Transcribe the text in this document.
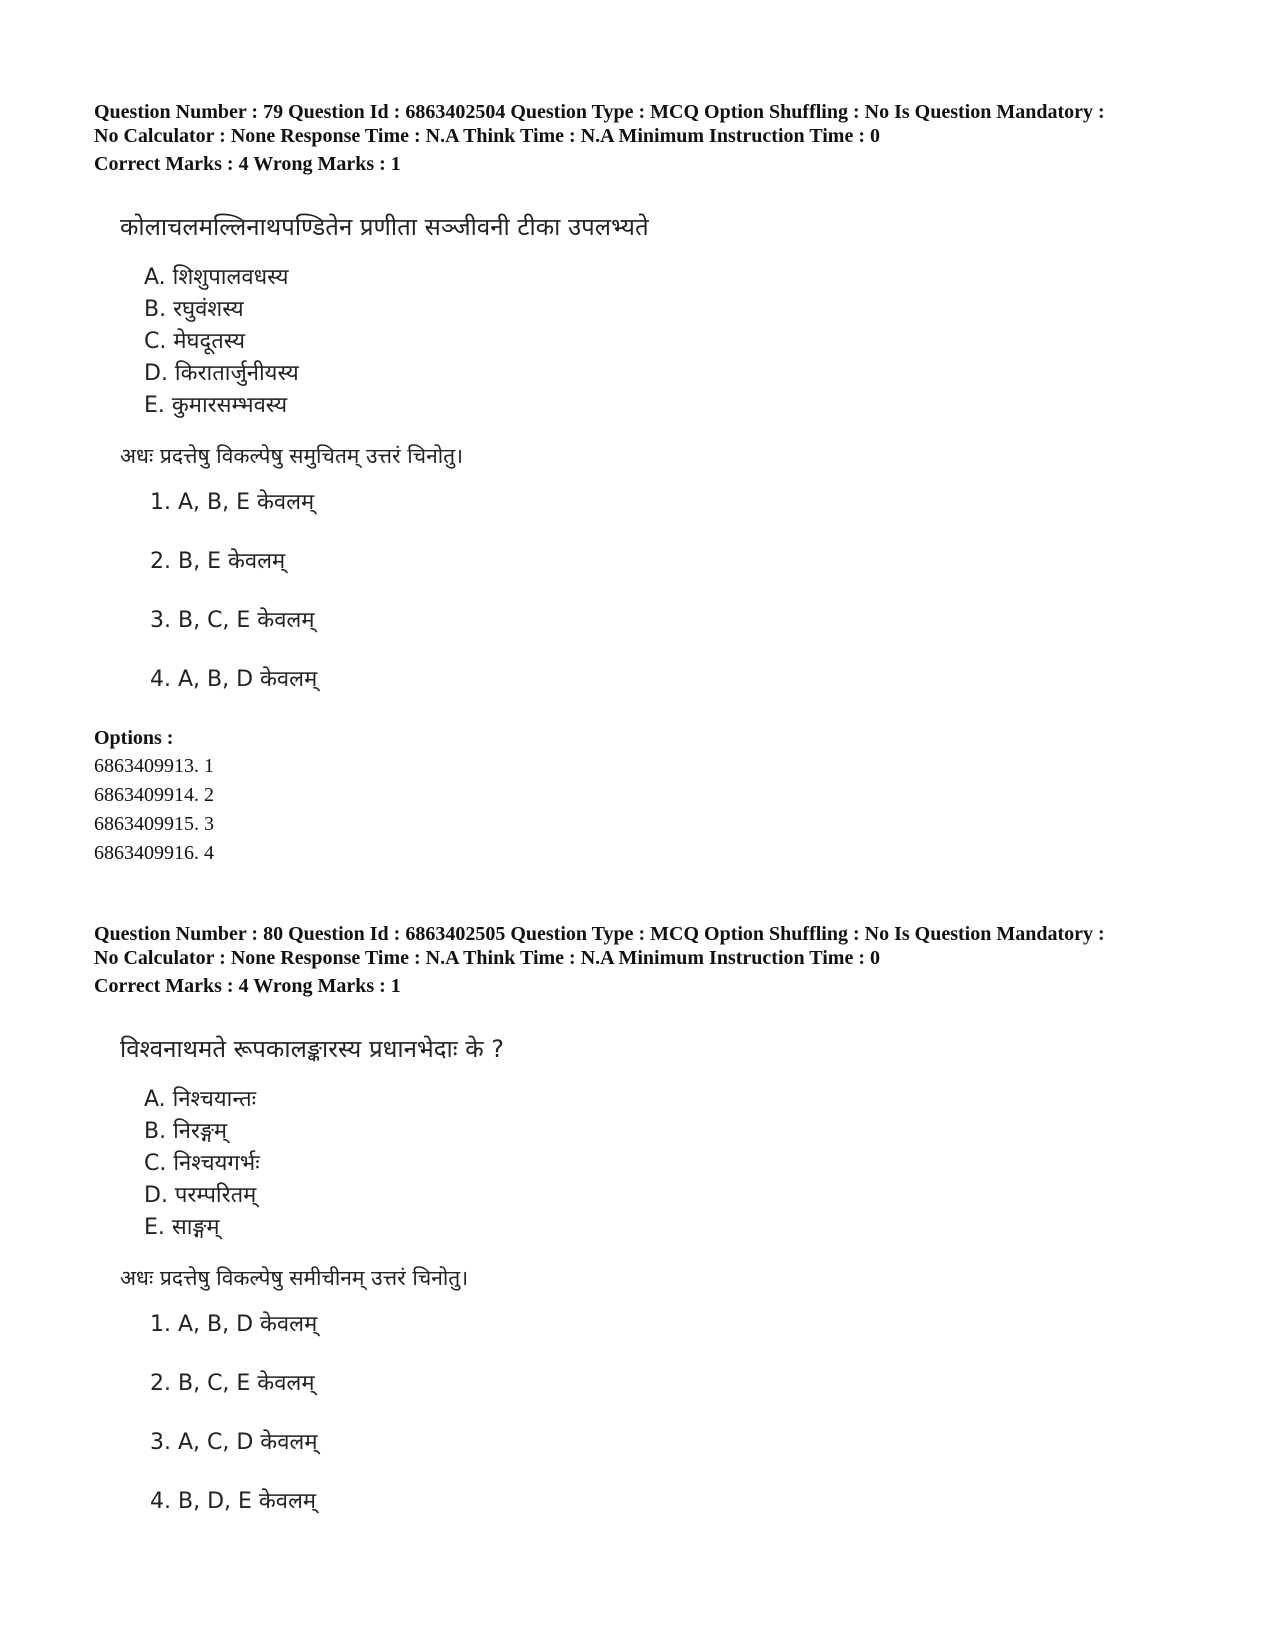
Question Number : 79 Question Id : 6863402504 Question Type : MCQ Option Shuffling : No Is Question Mandatory :
No Calculator : None Response Time : N.A Think Time : N.A Minimum Instruction Time : 0
Correct Marks : 4 Wrong Marks : 1

कोलाचलमल्लिनाथपण्डितेन प्रणीता सञ्जीवनी टीका उपलभ्यते

A. शिशुपालवधस्य
B. रघुवंशस्य
C. मेघदूतस्य
D. किरातार्जुनीयस्य
E. कुमारसम्भवस्य

अधः प्रदत्तेषु विकल्पेषु समुचितम् उत्तरं चिनोतु।

1. A, B, E केवलम्
2. B, E केवलम्
3. B, C, E केवलम्
4. A, B, D केवलम्

Options :

6863409913. 1
6863409914. 2
6863409915. 3
6863409916. 4

Question Number : 80 Question Id : 6863402505 Question Type : MCQ Option Shuffling : No Is Question Mandatory :
No Calculator : None Response Time : N.A Think Time : N.A Minimum Instruction Time : 0
Correct Marks : 4 Wrong Marks : 1

विश्वनाथमते रूपकालङ्कारस्य प्रधानभेदाः के ?

A. निश्चयान्तः
B. निरङ्गम्
C. निश्चयगर्भः
D. परम्परितम्
E. साङ्गम्

अधः प्रदत्तेषु विकल्पेषु समीचीनम् उत्तरं चिनोतु।

1. A, B, D केवलम्
2. B, C, E केवलम्
3. A, C, D केवलम्
4. B, D, E केवलम्
